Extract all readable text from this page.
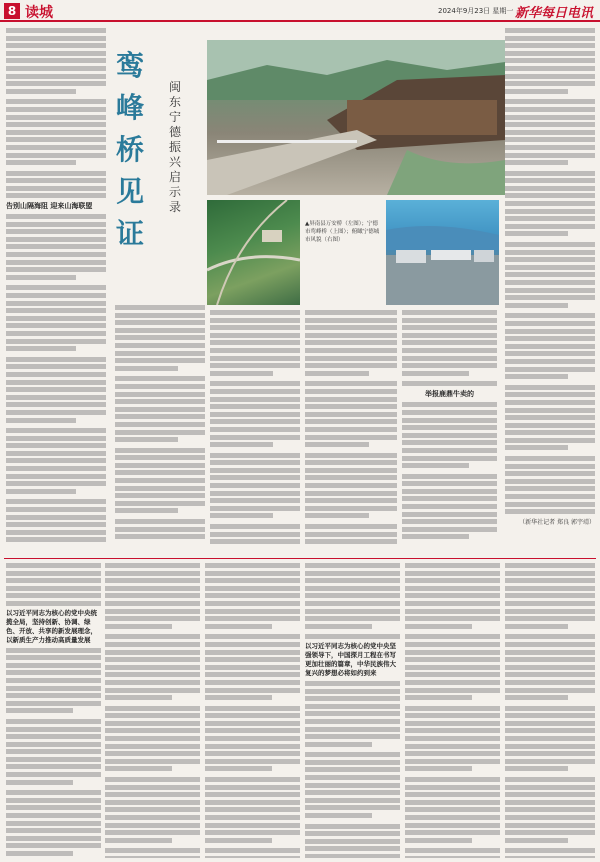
8 读城	2024年9月23日 星期一 新华每日电讯
告别山隔海阻 迎来山海联盟
鸾峰桥见证
闽东宁德振兴启示录
▲屏南县万安桥（左图）；宁德市鸾峰桥（上图）；俯瞰宁德城市风貌（右图）
（新华社记者 郑良 郭宇靖）
举报鹿鼎牛卖的
以习近平同志为核心的党中央统揽全局，坚持创新、协调、绿色、开放、共享的新发展理念，以新质生产力推动高质量发展
以习近平同志为核心的党中央坚强领导下，中国探月工程在书写更加壮丽的篇章，中华民族伟大复兴的梦想必将如约到来
